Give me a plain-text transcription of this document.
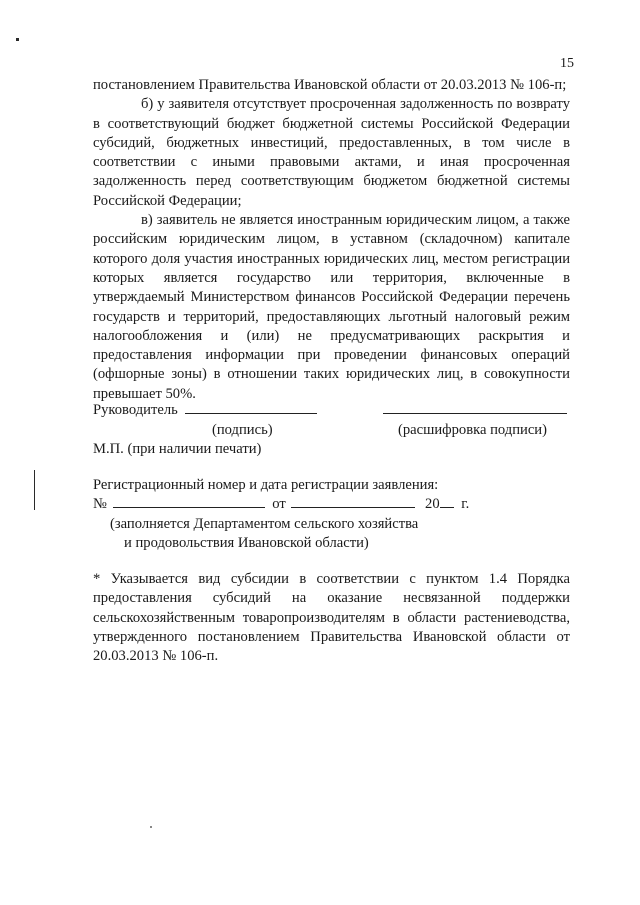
15

постановлением Правительства Ивановской области от 20.03.2013 № 106-п;

б) у заявителя отсутствует просроченная задолженность по возврату в соответствующий бюджет бюджетной системы Российской Федерации субсидий, бюджетных инвестиций, предоставленных, в том числе в соответствии с иными правовыми актами, и иная просроченная задолженность перед соответствующим бюджетом бюджетной системы Российской Федерации;

в) заявитель не является иностранным юридическим лицом, а также российским юридическим лицом, в уставном (складочном) капитале которого доля участия иностранных юридических лиц, местом регистрации которых является государство или территория, включенные в утверждаемый Министерством финансов Российской Федерации перечень государств и территорий, предоставляющих льготный налоговый режим налогообложения и (или) не предусматривающих раскрытия и предоставления информации при проведении финансовых операций (офшорные зоны) в отношении таких юридических лиц, в совокупности превышает 50%.

Руководитель
(подпись)	(расшифровка подписи)
М.П. (при наличии печати)
Регистрационный номер и дата регистрации заявления:
№	от	20 г.
(заполняется Департаментом сельского хозяйства
и продовольствия Ивановской области)

* Указывается вид субсидии в соответствии с пунктом 1.4 Порядка предоставления субсидий на оказание несвязанной поддержки сельскохозяйственным товаропроизводителям в области растениеводства, утвержденного постановлением Правительства Ивановской области от 20.03.2013 № 106-п.
